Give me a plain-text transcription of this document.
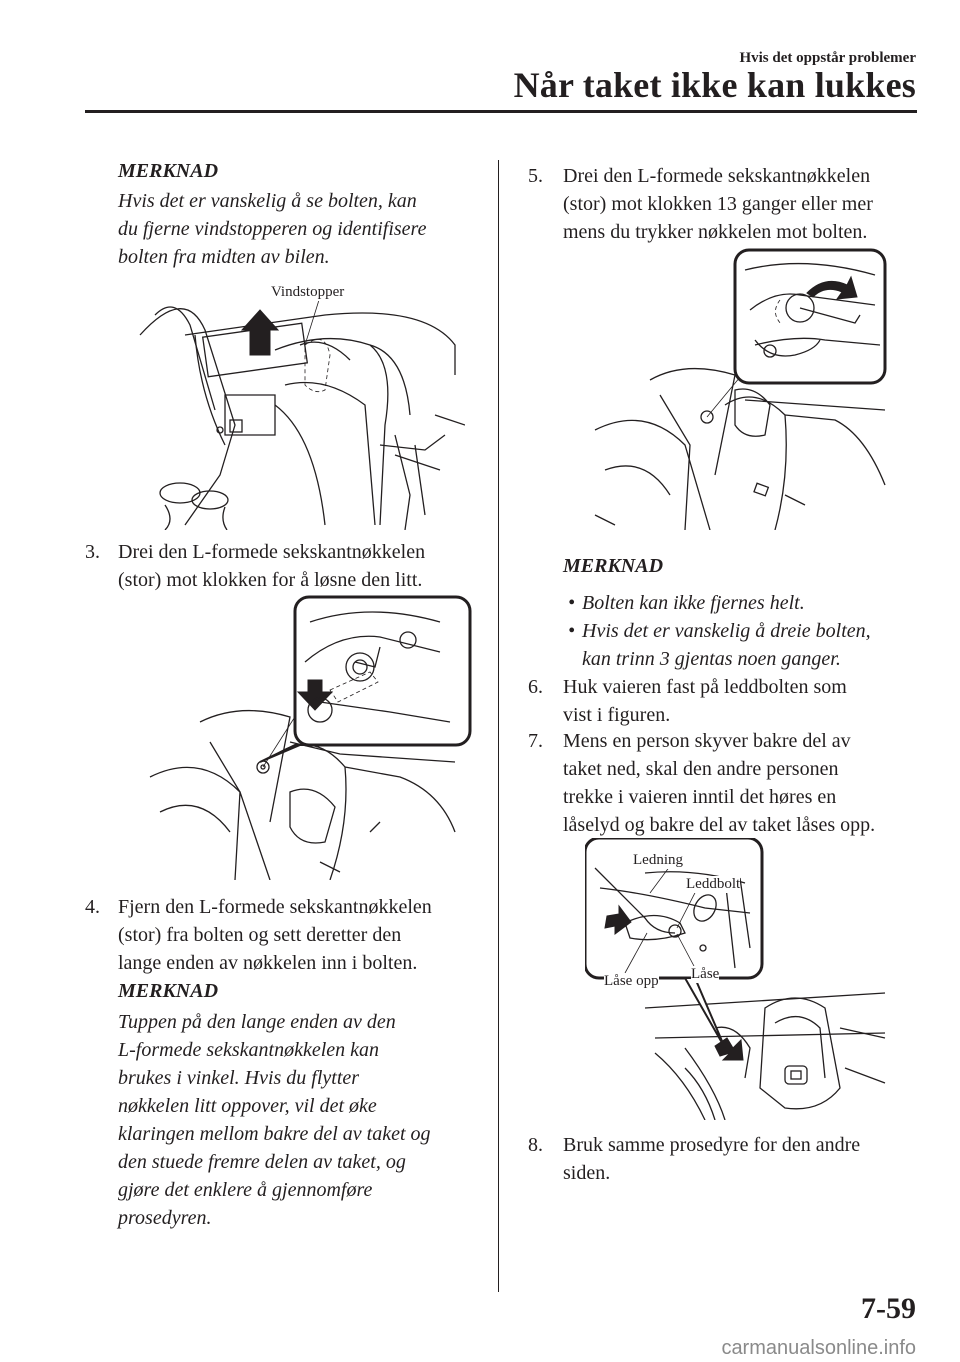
Hvis det oppstår problemer
Når taket ikke kan lukkes
MERKNAD
Hvis det er vanskelig å se bolten, kan
du fjerne vindstopperen og identifisere
bolten fra midten av bilen.
Vindstopper
3. Drei den L-formede sekskantnøkkelen
(stor) mot klokken for å løsne den litt.
4. Fjern den L-formede sekskantnøkkelen
(stor) fra bolten og sett deretter den
lange enden av nøkkelen inn i bolten.
MERKNAD
Tuppen på den lange enden av den
L-formede sekskantnøkkelen kan
brukes i vinkel. Hvis du flytter
nøkkelen litt oppover, vil det øke
klaringen mellom bakre del av taket og
den stuede fremre delen av taket, og
gjøre det enklere å gjennomføre
prosedyren.
5. Drei den L-formede sekskantnøkkelen
(stor) mot klokken 13 ganger eller mer
mens du trykker nøkkelen mot bolten.
MERKNAD
• Bolten kan ikke fjernes helt.
• Hvis det er vanskelig å dreie bolten,
kan trinn 3 gjentas noen ganger.
6. Huk vaieren fast på leddbolten som
vist i figuren.
7. Mens en person skyver bakre del av
taket ned, skal den andre personen
trekke i vaieren inntil det høres en
låselyd og bakre del av taket låses opp.
Ledning
Leddbolt
Låse opp Låse
8. Bruk samme prosedyre for den andre
siden.
7-59
carmanualsonline.info
